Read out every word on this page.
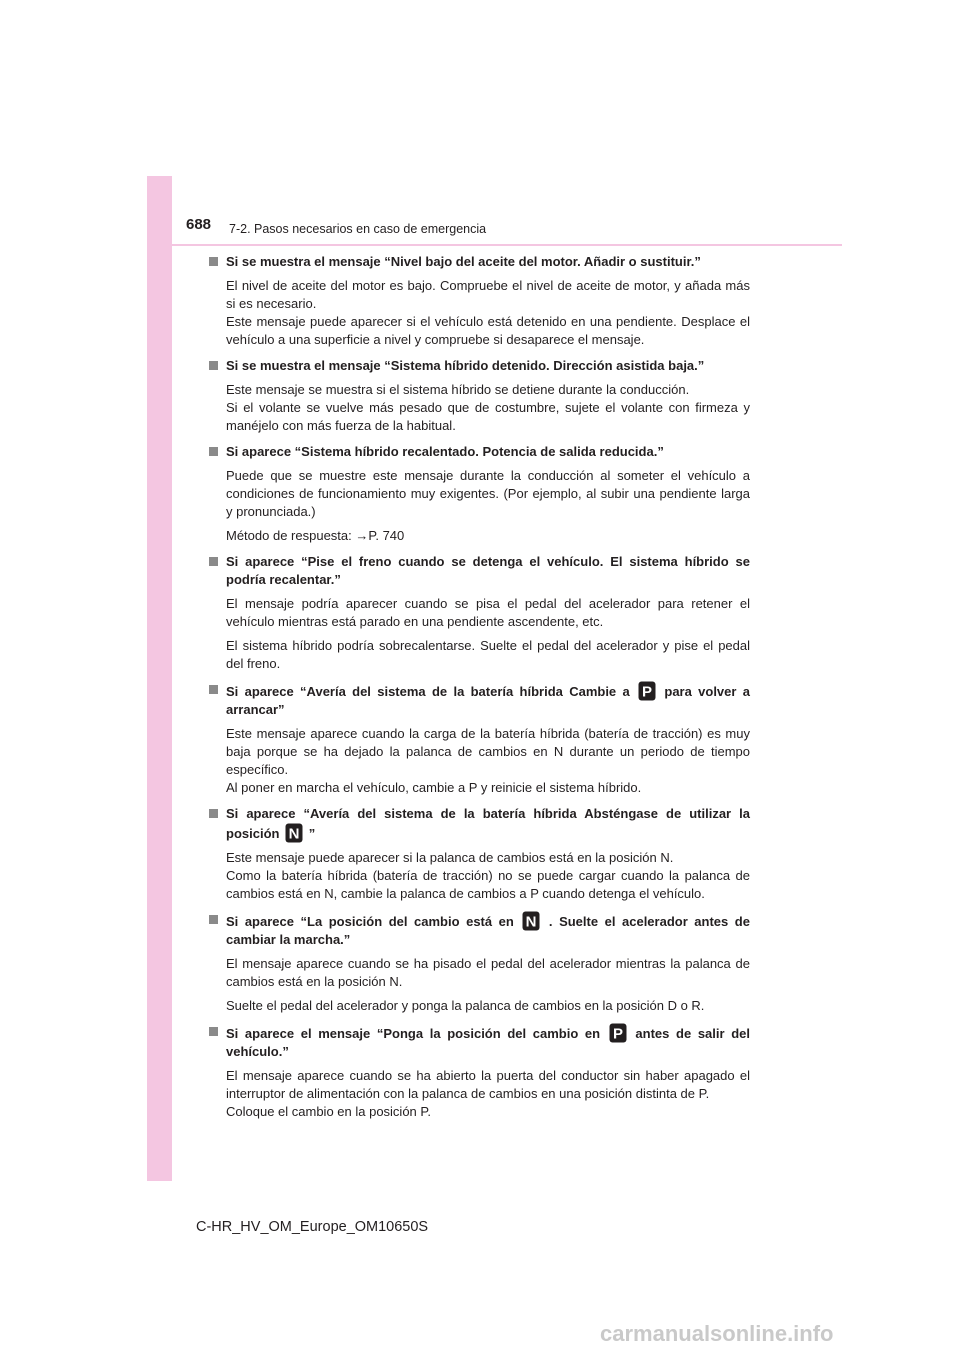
688 7-2. Pasos necesarios en caso de emergencia
Si se muestra el mensaje “Nivel bajo del aceite del motor. Añadir o sustituir.”
El nivel de aceite del motor es bajo. Compruebe el nivel de aceite de motor, y añada más si es necesario.
Este mensaje puede aparecer si el vehículo está detenido en una pendiente. Desplace el vehículo a una superficie a nivel y compruebe si desaparece el mensaje.
Si se muestra el mensaje “Sistema híbrido detenido. Dirección asistida baja.”
Este mensaje se muestra si el sistema híbrido se detiene durante la conducción.
Si el volante se vuelve más pesado que de costumbre, sujete el volante con firmeza y manéjelo con más fuerza de la habitual.
Si aparece “Sistema híbrido recalentado. Potencia de salida reducida.”
Puede que se muestre este mensaje durante la conducción al someter el vehículo a condiciones de funcionamiento muy exigentes. (Por ejemplo, al subir una pendiente larga y pronunciada.)
Método de respuesta: →P. 740
Si aparece “Pise el freno cuando se detenga el vehículo. El sistema híbrido se podría recalentar.”
El mensaje podría aparecer cuando se pisa el pedal del acelerador para retener el vehículo mientras está parado en una pendiente ascendente, etc.
El sistema híbrido podría sobrecalentarse. Suelte el pedal del acelerador y pise el pedal del freno.
Si aparece “Avería del sistema de la batería híbrida Cambie a P para volver a arrancar”
Este mensaje aparece cuando la carga de la batería híbrida (batería de tracción) es muy baja porque se ha dejado la palanca de cambios en N durante un periodo de tiempo específico.
Al poner en marcha el vehículo, cambie a P y reinicie el sistema híbrido.
Si aparece “Avería del sistema de la batería híbrida Absténgase de utilizar la posición N ”
Este mensaje puede aparecer si la palanca de cambios está en la posición N.
Como la batería híbrida (batería de tracción) no se puede cargar cuando la palanca de cambios está en N, cambie la palanca de cambios a P cuando detenga el vehículo.
Si aparece “La posición del cambio está en N . Suelte el acelerador antes de cambiar la marcha.”
El mensaje aparece cuando se ha pisado el pedal del acelerador mientras la palanca de cambios está en la posición N.
Suelte el pedal del acelerador y ponga la palanca de cambios en la posición D o R.
Si aparece el mensaje “Ponga la posición del cambio en P antes de salir del vehículo.”
El mensaje aparece cuando se ha abierto la puerta del conductor sin haber apagado el interruptor de alimentación con la palanca de cambios en una posición distinta de P.
Coloque el cambio en la posición P.
C-HR_HV_OM_Europe_OM10650S
carmanualsonline.info
